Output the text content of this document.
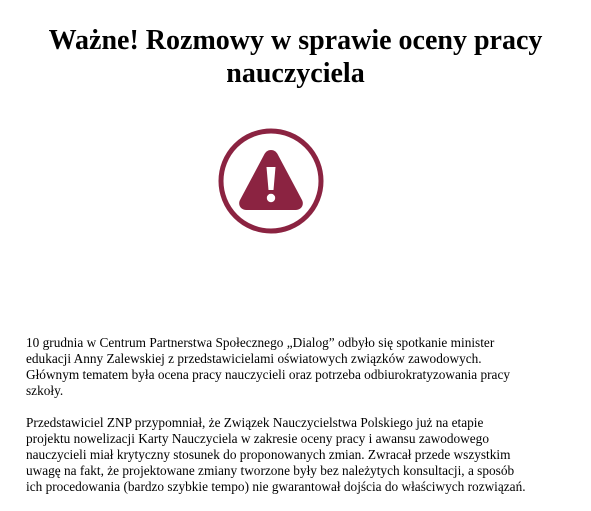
Ważne! Rozmowy w sprawie oceny pracy
nauczyciela

10 grudnia w Centrum Partnerstwa Społecznego „Dialog” odbyło się spotkanie minister
edukacji Anny Zalewskiej z przedstawicielami oświatowych związków zawodowych.
Głównym tematem była ocena pracy nauczycieli oraz potrzeba odbiurokratyzowania pracy
szkoły.

Przedstawiciel ZNP przypomniał, że Związek Nauczycielstwa Polskiego już na etapie
projektu nowelizacji Karty Nauczyciela w zakresie oceny pracy i awansu zawodowego
nauczycieli miał krytyczny stosunek do proponowanych zmian. Zwracał przede wszystkim
uwagę na fakt, że projektowane zmiany tworzone były bez należytych konsultacji, a sposób
ich procedowania (bardzo szybkie tempo) nie gwarantował dojścia do właściwych rozwiązań.
